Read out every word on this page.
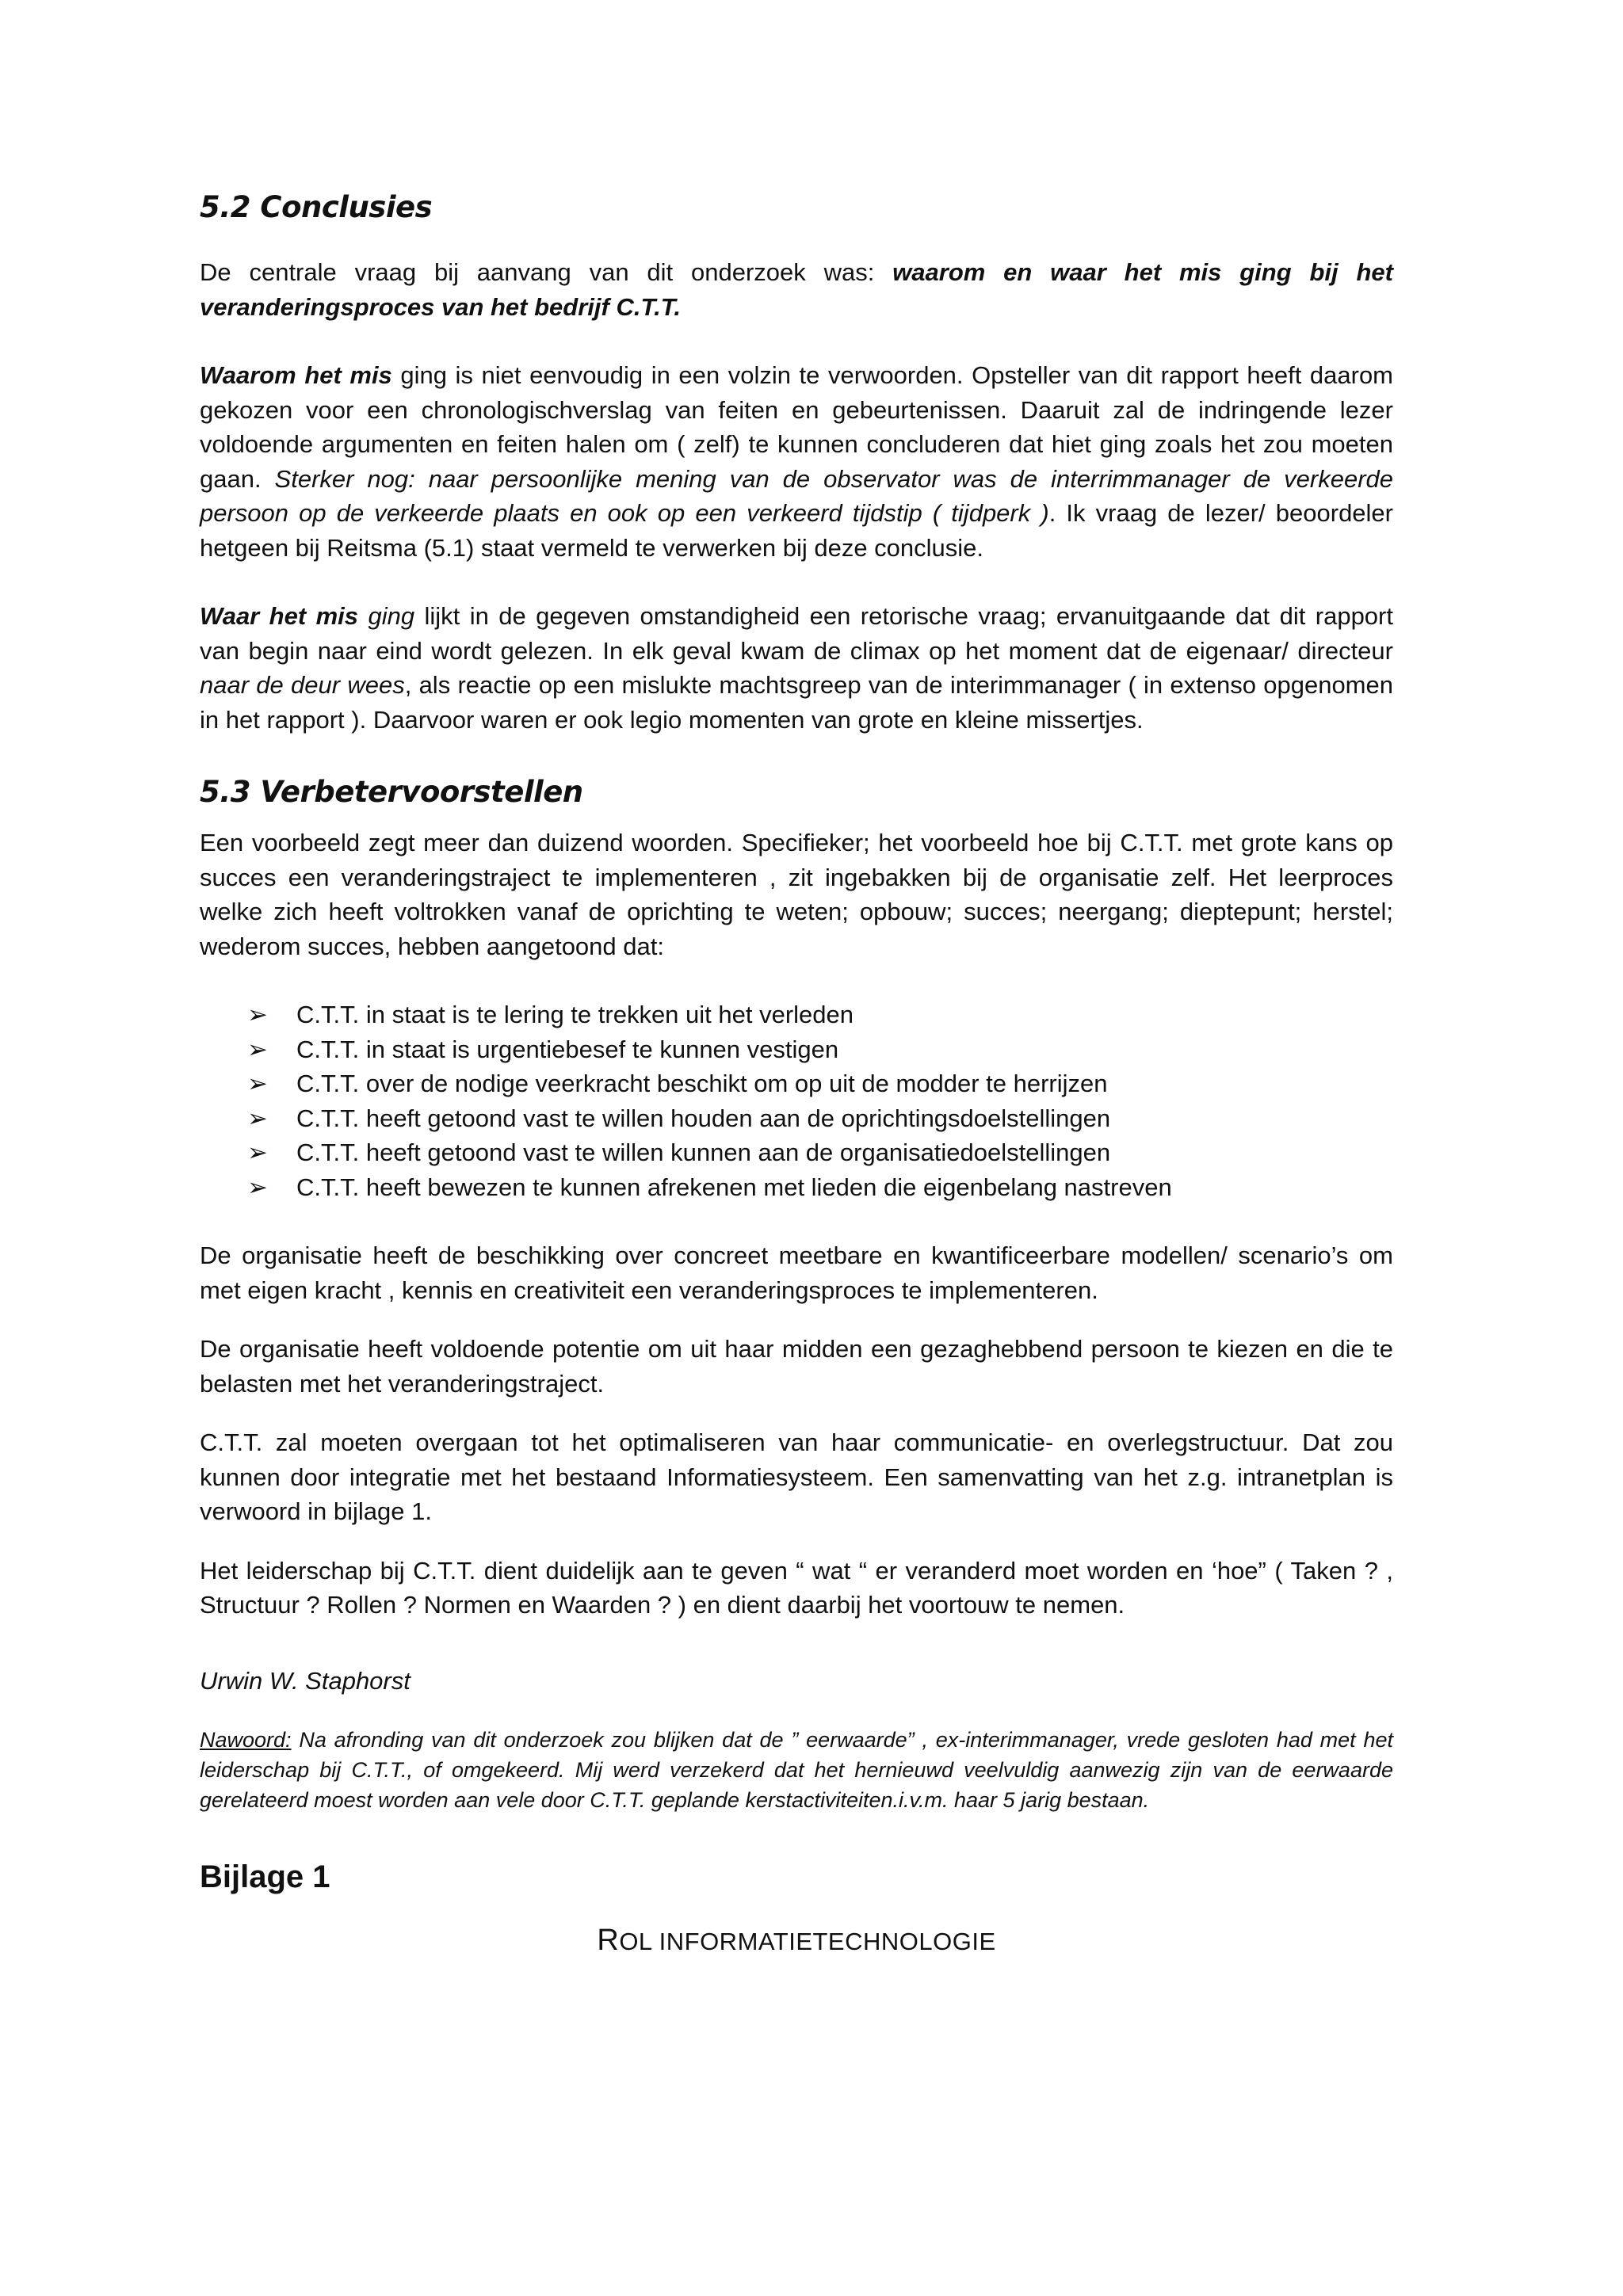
5.2 Conclusies

De centrale vraag bij aanvang van dit onderzoek was: waarom en waar het mis ging bij het veranderingsproces van het bedrijf C.T.T.

Waarom het mis ging is niet eenvoudig in een volzin te verwoorden. Opsteller van dit rapport heeft daarom gekozen voor een chronologischverslag van feiten en gebeurtenissen. Daaruit zal de indringende lezer voldoende argumenten en feiten halen om ( zelf) te kunnen concluderen dat hiet ging zoals het zou moeten gaan. Sterker nog: naar persoonlijke mening van de observator was de interrimmanager de verkeerde persoon op de verkeerde plaats en ook op een verkeerd tijdstip ( tijdperk ). Ik vraag de lezer/ beoordeler hetgeen bij Reitsma (5.1) staat vermeld te verwerken bij deze conclusie.

Waar het mis ging lijkt in de gegeven omstandigheid een retorische vraag; ervanuitgaande dat dit rapport van begin naar eind wordt gelezen. In elk geval kwam de climax op het moment dat de eigenaar/ directeur naar de deur wees, als reactie op een mislukte machtsgreep van de interimmanager ( in extenso opgenomen in het rapport ). Daarvoor waren er ook legio momenten van grote en kleine missertjes.

5.3 Verbetervoorstellen

Een voorbeeld zegt meer dan duizend woorden. Specifieker; het voorbeeld hoe bij C.T.T. met grote kans op succes een veranderingstraject te implementeren , zit ingebakken bij de organisatie zelf. Het leerproces welke zich heeft voltrokken vanaf de oprichting te weten; opbouw; succes; neergang; dieptepunt; herstel; wederom succes, hebben aangetoond dat:

➢	C.T.T. in staat is te lering te trekken uit het verleden
➢	C.T.T. in staat is urgentiebesef te kunnen vestigen
➢	C.T.T. over de nodige veerkracht beschikt om op uit de modder te herrijzen
➢	C.T.T. heeft getoond vast te willen houden aan de oprichtingsdoelstellingen
➢	C.T.T. heeft getoond vast te willen kunnen aan de organisatiedoelstellingen
➢	C.T.T. heeft bewezen te kunnen afrekenen met lieden die eigenbelang nastreven

De organisatie heeft de beschikking over concreet meetbare en kwantificeerbare modellen/ scenario’s om met eigen kracht , kennis en creativiteit een veranderingsproces te implementeren.

De organisatie heeft voldoende potentie om uit haar midden een gezaghebbend persoon te kiezen en die te belasten met het veranderingstraject.

C.T.T. zal moeten overgaan tot het optimaliseren van haar communicatie- en overlegstructuur. Dat zou kunnen door integratie met het bestaand Informatiesysteem. Een samenvatting van het z.g. intranetplan is verwoord in bijlage 1.

Het leiderschap bij C.T.T. dient duidelijk aan te geven “ wat “ er veranderd moet worden en ‘hoe” ( Taken ? , Structuur ? Rollen ? Normen en Waarden ? ) en dient daarbij het voortouw te nemen.

Urwin W. Staphorst

Nawoord: Na afronding van dit onderzoek zou blijken dat de ” eerwaarde” , ex-interimmanager, vrede gesloten had met het leiderschap bij C.T.T., of omgekeerd. Mij werd verzekerd dat het hernieuwd veelvuldig aanwezig zijn van de eerwaarde gerelateerd moest worden aan vele door C.T.T. geplande kerstactiviteiten.i.v.m. haar 5 jarig bestaan.

Bijlage 1

ROL INFORMATIETECHNOLOGIE
